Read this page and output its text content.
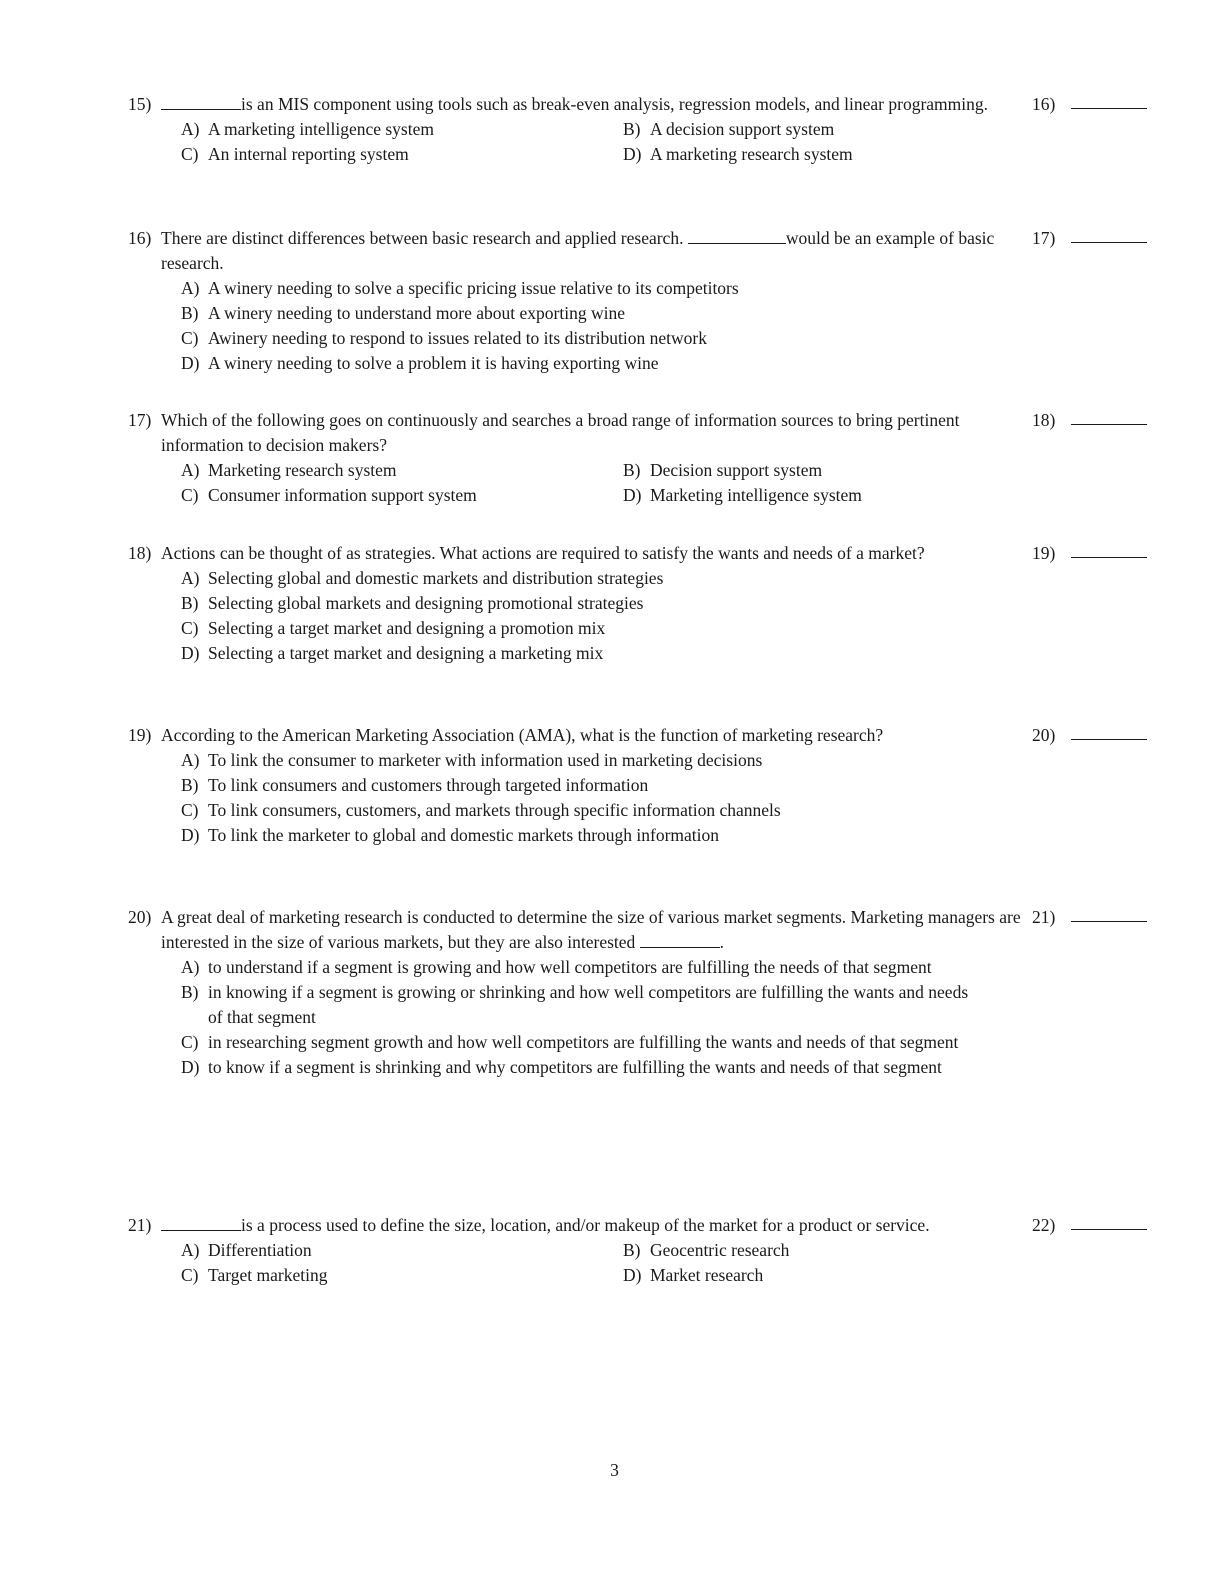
15)	is an MIS component using tools such as break-even analysis, regression models, and linear programming.
A) A marketing intelligence system	B) A decision support system
C) An internal reporting system	D) A marketing research system
16)
16) There are distinct differences between basic research and applied research.	would be an example of basic research.
A) A winery needing to solve a specific pricing issue relative to its competitors
B) A winery needing to understand more about exporting wine
C) Awinery needing to respond to issues related to its distribution network
D) A winery needing to solve a problem it is having exporting wine
17)
17) Which of the following goes on continuously and searches a broad range of information sources to bring pertinent information to decision makers?
A) Marketing research system	B) Decision support system
C) Consumer information support system	D) Marketing intelligence system
18)
18) Actions can be thought of as strategies. What actions are required to satisfy the wants and needs of a market?
A) Selecting global and domestic markets and distribution strategies
B) Selecting global markets and designing promotional strategies
C) Selecting a target market and designing a promotion mix
D) Selecting a target market and designing a marketing mix
19)
19) According to the American Marketing Association (AMA), what is the function of marketing research?
A) To link the consumer to marketer with information used in marketing decisions
B) To link consumers and customers through targeted information
C) To link consumers, customers, and markets through specific information channels
D) To link the marketer to global and domestic markets through information
20)
20) A great deal of marketing research is conducted to determine the size of various market segments. Marketing managers are interested in the size of various markets, but they are also interested	.
A) to understand if a segment is growing and how well competitors are fulfilling the needs of that segment
B) in knowing if a segment is growing or shrinking and how well competitors are fulfilling the wants and needs of that segment
C) in researching segment growth and how well competitors are fulfilling the wants and needs of that segment
D) to know if a segment is shrinking and why competitors are fulfilling the wants and needs of that segment
21)
21)	is a process used to define the size, location, and/or makeup of the market for a product or service.
A) Differentiation	B) Geocentric research
C) Target marketing	D) Market research
22)
3
